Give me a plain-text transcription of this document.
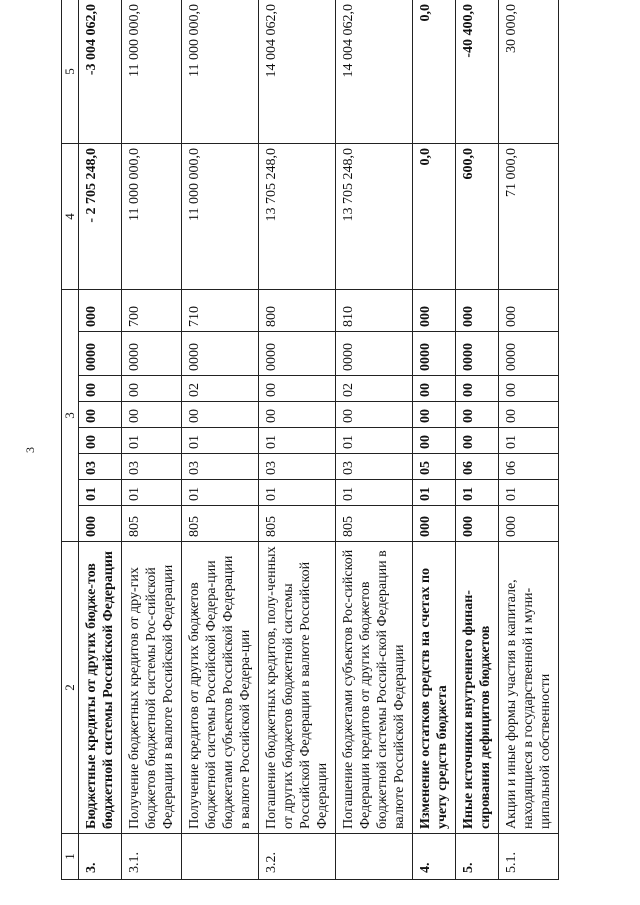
3
1	2	3								4	5
3.	Бюджетные кредиты от других бюдже-тов бюджетной системы Российской Федерации	000	01	03	00	00	00	0000	000	- 2 705 248,0	-3 004 062,0
3.1.	Получение бюджетных кредитов от дру-гих бюджетов бюджетной системы Рос-сийской Федерации в валюте Российской Федерации	805	01	03	01	00	00	0000	700	11 000 000,0	11 000 000,0
	Получение кредитов от других бюджетов бюджетной системы Российской Федера-ции бюджетами субъектов Российской Федерации в валюте Российской Федера-ции	805	01	03	01	00	02	0000	710	11 000 000,0	11 000 000,0
3.2.	Погашение бюджетных кредитов, полу-ченных от других бюджетов бюджетной системы Российской Федерации в валюте Российской Федерации	805	01	03	01	00	00	0000	800	13 705 248,0	14 004 062,0
	Погашение бюджетами субъектов Рос-сийской Федерации кредитов от других бюджетов бюджетной системы Россий-ской Федерации в валюте Российской Федерации	805	01	03	01	00	02	0000	810	13 705 248,0	14 004 062,0
4.	Изменение остатков средств на счетах по учету средств бюджета	000	01	05	00	00	00	0000	000	0,0	0,0
5.	Иные источники внутреннего финан-сирования дефицитов бюджетов	000	01	06	00	00	00	0000	000	600,0	-40 400,0
5.1.	Акции и иные формы участия в капитале, находящиеся в государственной и муни-ципальной собственности	000	01	06	01	00	00	0000	000	71 000,0	30 000,0
